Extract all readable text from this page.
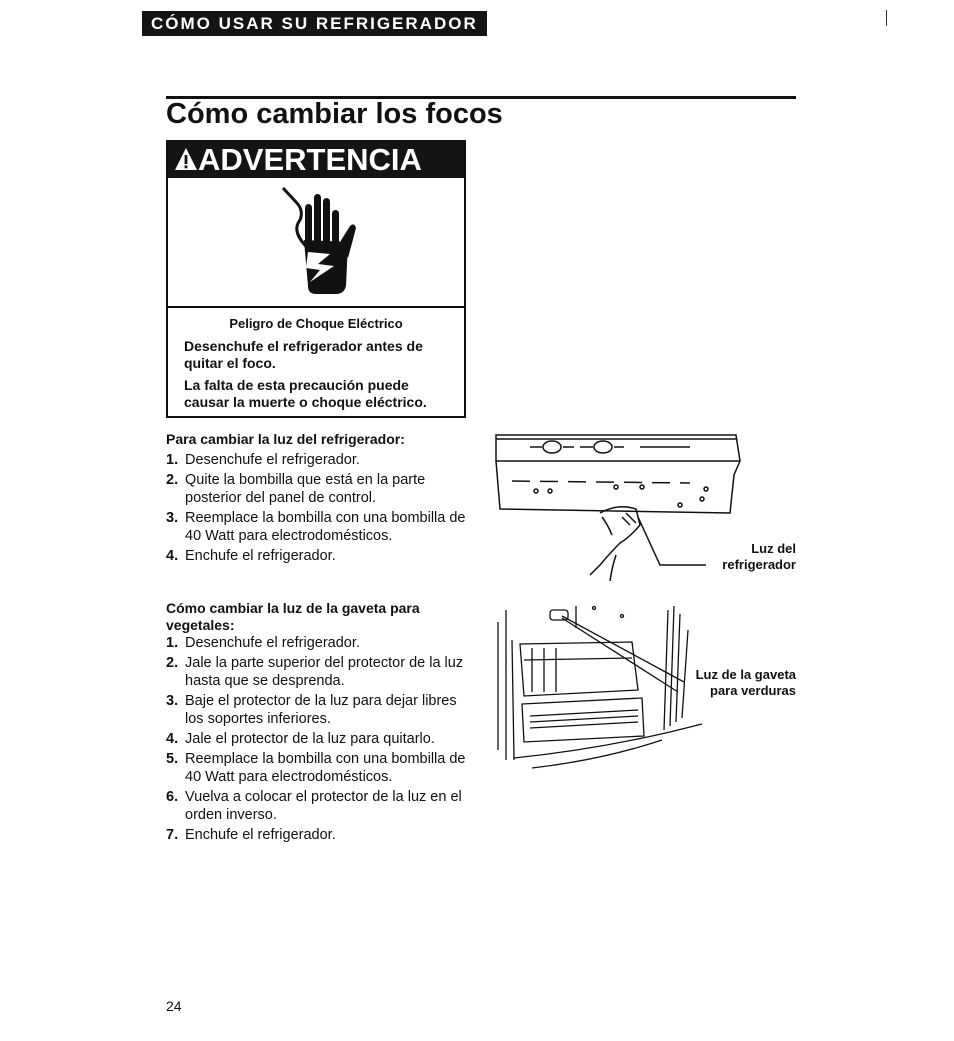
CÓMO USAR SU REFRIGERADOR
Cómo cambiar los focos
ADVERTENCIA
Peligro de Choque Eléctrico
Desenchufe el refrigerador antes de quitar el foco.
La falta de esta precaución puede causar la muerte o choque eléctrico.
Para cambiar la luz del refrigerador:
1. Desenchufe el refrigerador.
2. Quite la bombilla que está en la parte posterior del panel de control.
3. Reemplace la bombilla con una bombilla de 40 Watt para electrodomésticos.
4. Enchufe el refrigerador.	Luz del
refrigerador
Cómo cambiar la luz de la gaveta para
vegetales:
1. Desenchufe el refrigerador.
2. Jale la parte superior del protector de la luz hasta que se desprenda.
3. Baje el protector de la luz para dejar libres los soportes inferiores.
4. Jale el protector de la luz para quitarlo.
5. Reemplace la bombilla con una bombilla de 40 Watt para electrodomésticos.
6. Vuelva a colocar el protector de la luz en el orden inverso.
7. Enchufe el refrigerador.
Luz de la gaveta
para verduras
24
